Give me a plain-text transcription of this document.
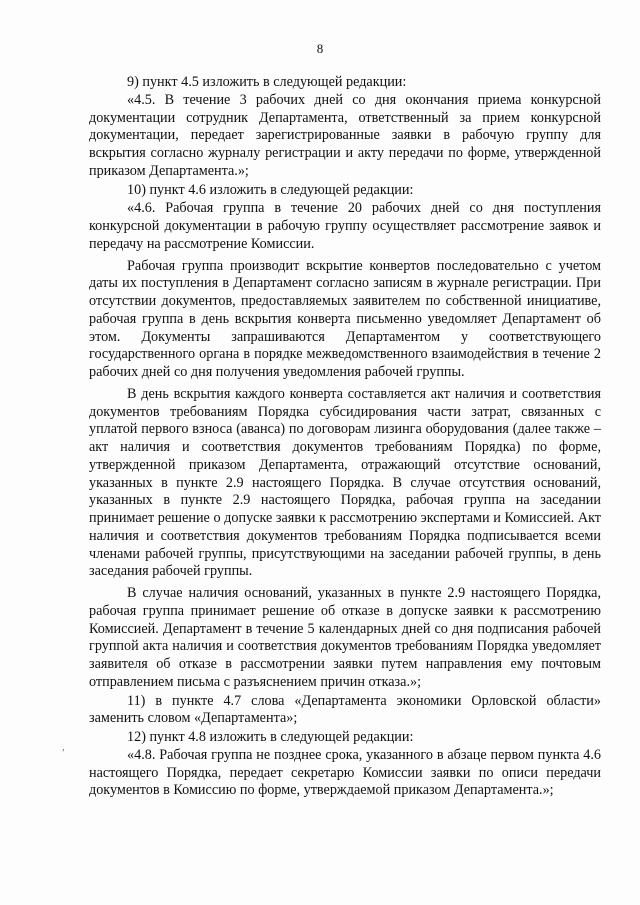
8

9) пункт 4.5 изложить в следующей редакции:

«4.5. В течение 3 рабочих дней со дня окончания приема конкурсной документации сотрудник Департамента, ответственный за прием конкурсной документации, передает зарегистрированные заявки в рабочую группу для вскрытия согласно журналу регистрации и акту передачи по форме, утвержденной приказом Департамента.»;

10) пункт 4.6 изложить в следующей редакции:

«4.6. Рабочая группа в течение 20 рабочих дней со дня поступления конкурсной документации в рабочую группу осуществляет рассмотрение заявок и передачу на рассмотрение Комиссии.

Рабочая группа производит вскрытие конвертов последовательно с учетом даты их поступления в Департамент согласно записям в журнале регистрации. При отсутствии документов, предоставляемых заявителем по собственной инициативе, рабочая группа в день вскрытия конверта письменно уведомляет Департамент об этом. Документы запрашиваются Департаментом у соответствующего государственного органа в порядке межведомственного взаимодействия в течение 2 рабочих дней со дня получения уведомления рабочей группы.

В день вскрытия каждого конверта составляется акт наличия и соответствия документов требованиям Порядка субсидирования части затрат, связанных с уплатой первого взноса (аванса) по договорам лизинга оборудования (далее также – акт наличия и соответствия документов требованиям Порядка) по форме, утвержденной приказом Департамента, отражающий отсутствие оснований, указанных в пункте 2.9 настоящего Порядка. В случае отсутствия оснований, указанных в пункте 2.9 настоящего Порядка, рабочая группа на заседании принимает решение о допуске заявки к рассмотрению экспертами и Комиссией. Акт наличия и соответствия документов требованиям Порядка подписывается всеми членами рабочей группы, присутствующими на заседании рабочей группы, в день заседания рабочей группы.

В случае наличия оснований, указанных в пункте 2.9 настоящего Порядка, рабочая группа принимает решение об отказе в допуске заявки к рассмотрению Комиссией. Департамент в течение 5 календарных дней со дня подписания рабочей группой акта наличия и соответствия документов требованиям Порядка уведомляет заявителя об отказе в рассмотрении заявки путем направления ему почтовым отправлением письма с разъяснением причин отказа.»;

11) в пункте 4.7 слова «Департамента экономики Орловской области» заменить словом «Департамента»;

12) пункт 4.8 изложить в следующей редакции:

«4.8. Рабочая группа не позднее срока, указанного в абзаце первом пункта 4.6 настоящего Порядка, передает секретарю Комиссии заявки по описи передачи документов в Комиссию по форме, утверждаемой приказом Департамента.»;

,
